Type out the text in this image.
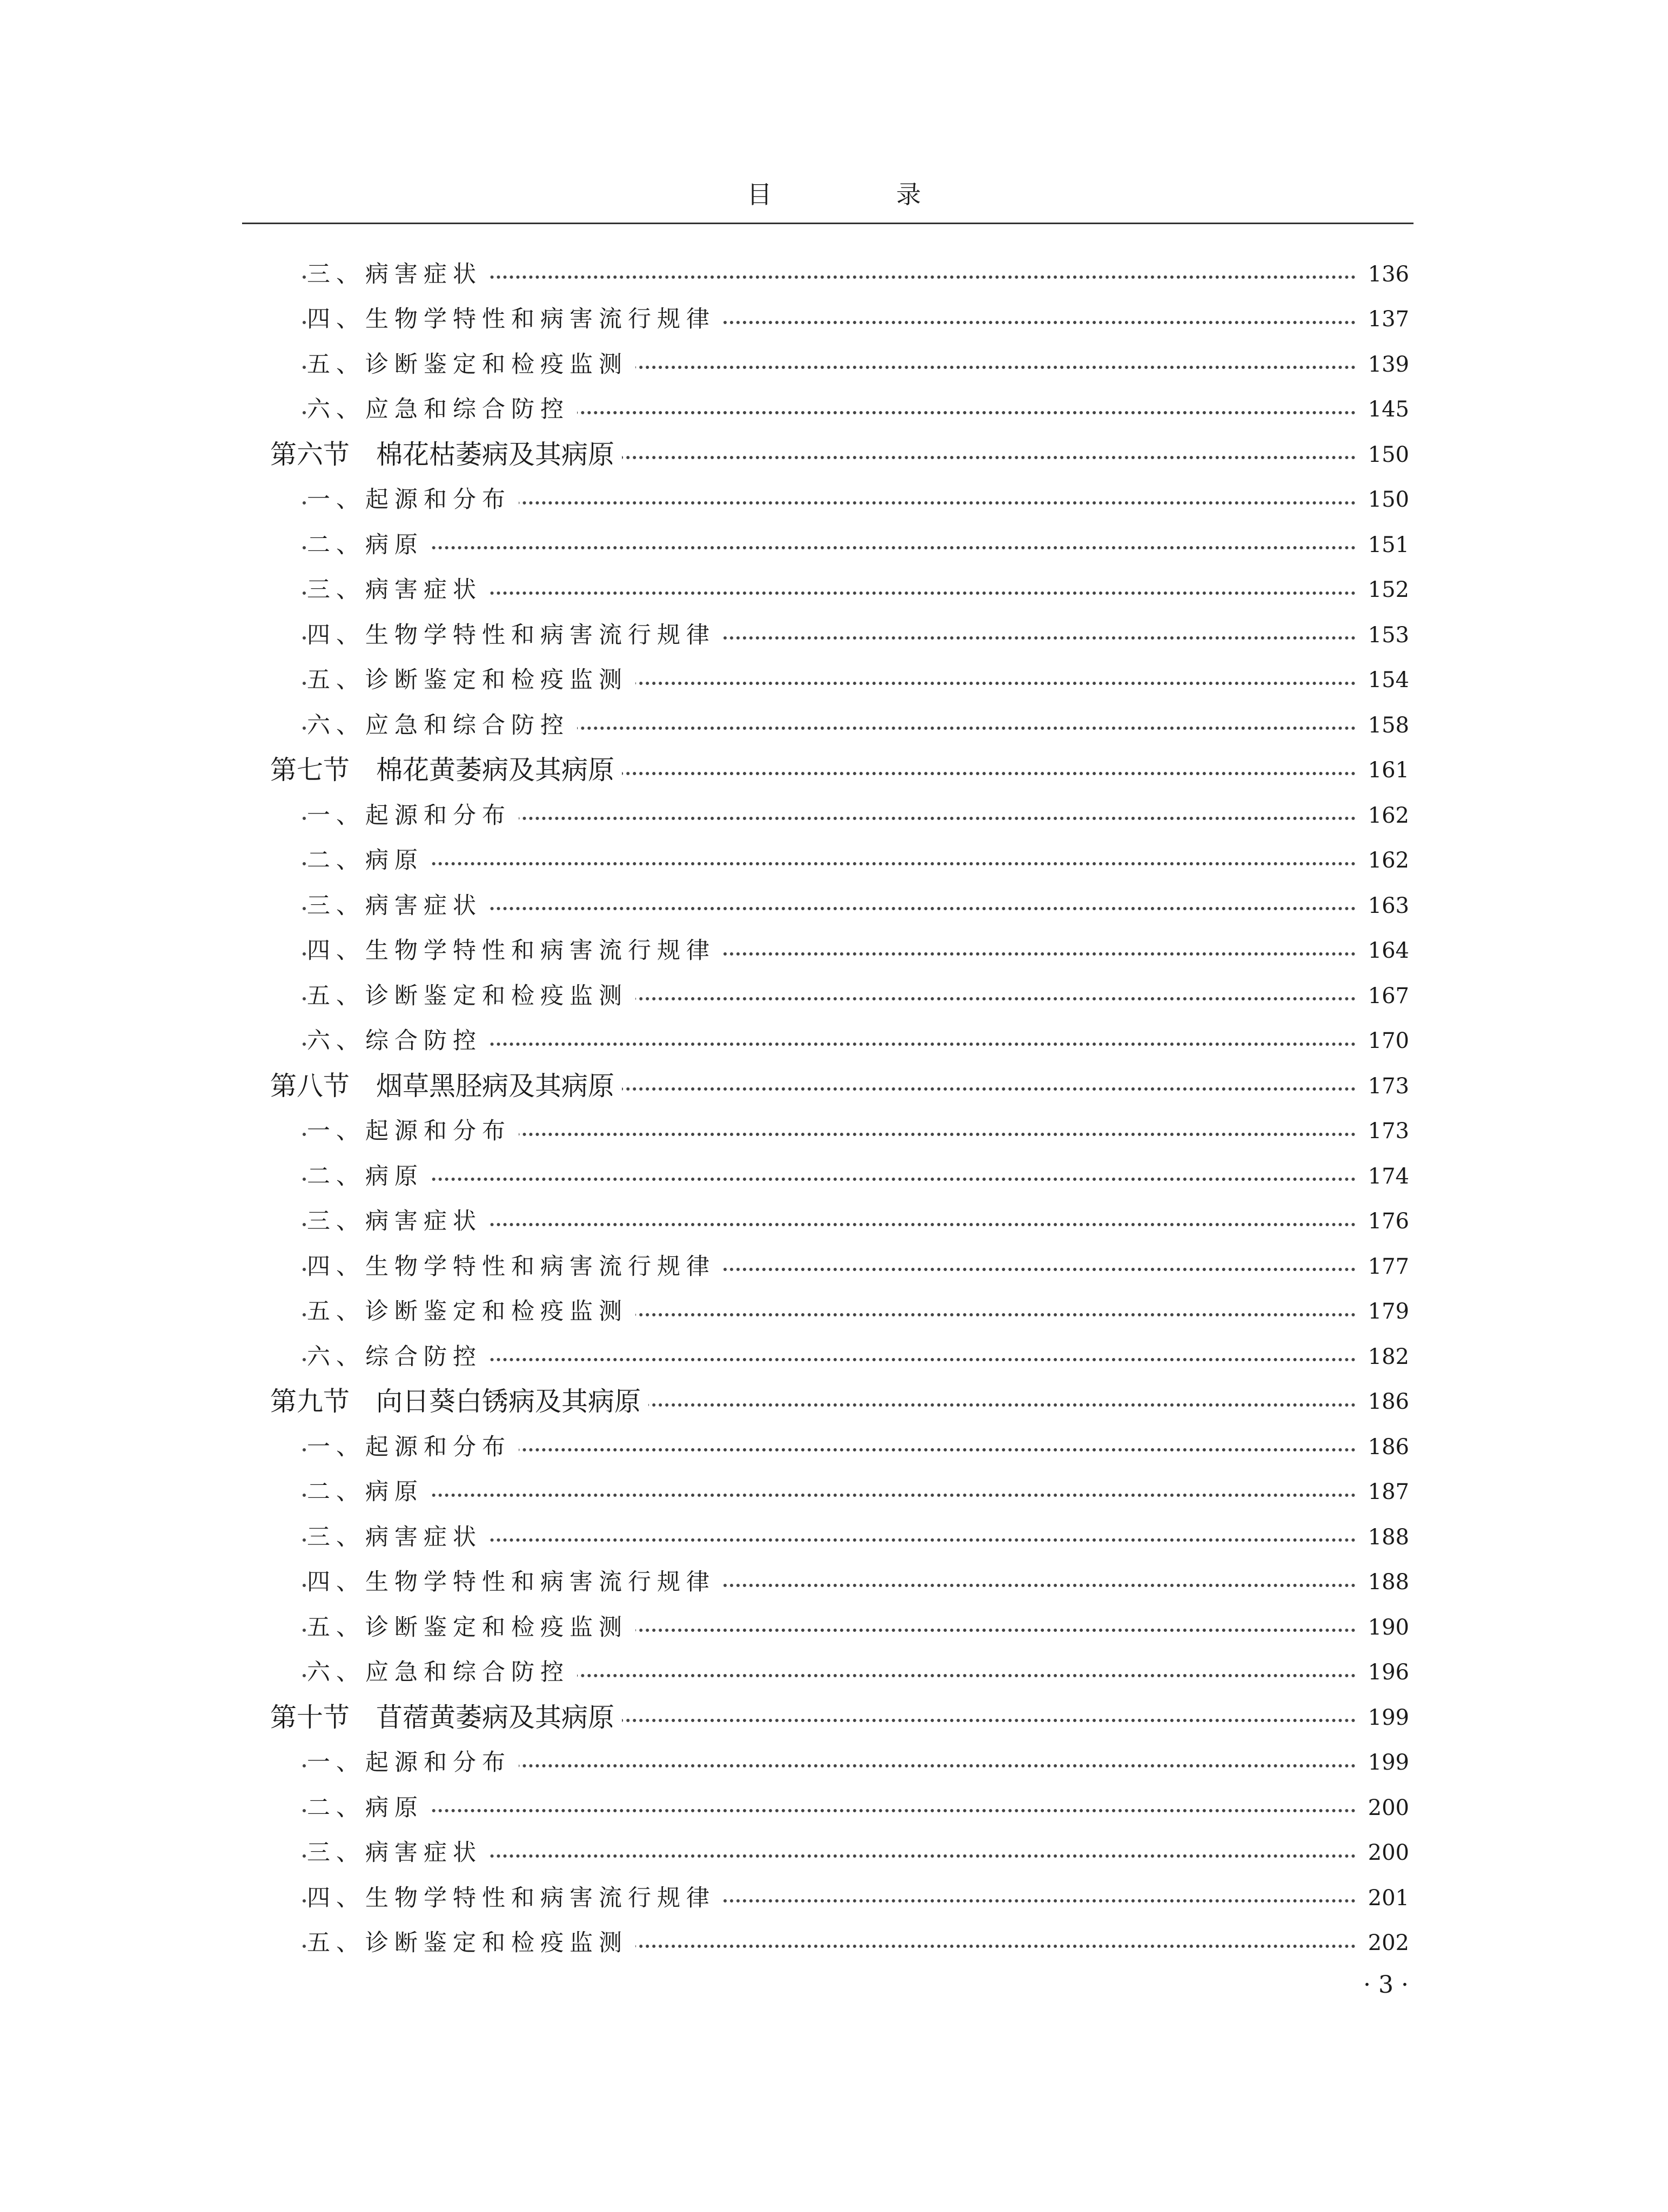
目　录
三、病害症状	136
四、生物学特性和病害流行规律	137
五、诊断鉴定和检疫监测	139
六、应急和综合防控	145
第六节　棉花枯萎病及其病原	150
一、起源和分布	150
二、病原	151
三、病害症状	152
四、生物学特性和病害流行规律	153
五、诊断鉴定和检疫监测	154
六、应急和综合防控	158
第七节　棉花黄萎病及其病原	161
一、起源和分布	162
二、病原	162
三、病害症状	163
四、生物学特性和病害流行规律	164
五、诊断鉴定和检疫监测	167
六、综合防控	170
第八节　烟草黑胫病及其病原	173
一、起源和分布	173
二、病原	174
三、病害症状	176
四、生物学特性和病害流行规律	177
五、诊断鉴定和检疫监测	179
六、综合防控	182
第九节　向日葵白锈病及其病原	186
一、起源和分布	186
二、病原	187
三、病害症状	188
四、生物学特性和病害流行规律	188
五、诊断鉴定和检疫监测	190
六、应急和综合防控	196
第十节　苜蓿黄萎病及其病原	199
一、起源和分布	199
二、病原	200
三、病害症状	200
四、生物学特性和病害流行规律	201
五、诊断鉴定和检疫监测	202
· 3 ·
